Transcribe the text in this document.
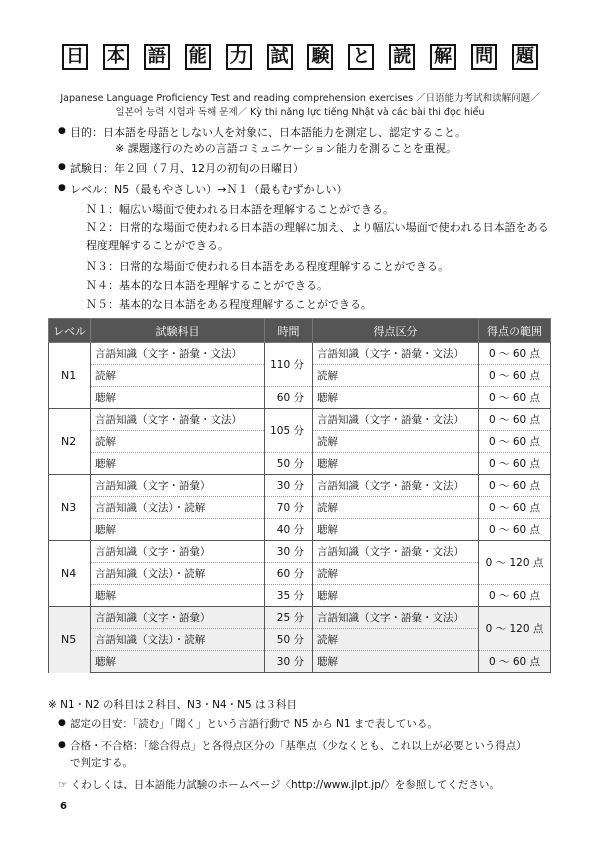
日 本 語 能 力 試 験 と 読 解 問 題
Japanese Language Proficiency Test and reading comprehension exercises ／日语能力考试和读解问题／
일본어 능력 시험과 독해 문제／ Kỳ thi năng lực tiếng Nhật và các bài thi đọc hiểu
● 目的：日本語を母語としない人を対象に、日本語能力を測定し、認定すること。
※ 課題遂行のための言語コミュニケーション能力を測ることを重視。
● 試験日：年２回（７月、12月の初旬の日曜日）
● レベル：N5（最もやさしい）→Ｎ１（最もむずかしい）
Ｎ１：幅広い場面で使われる日本語を理解することができる。
Ｎ２：日常的な場面で使われる日本語の理解に加え、より幅広い場面で使われる日本語をある
程度理解することができる。
Ｎ３：日常的な場面で使われる日本語をある程度理解することができる。
Ｎ４：基本的な日本語を理解することができる。
Ｎ５：基本的な日本語をある程度理解することができる。
レベル	試験科目	時間	得点区分	得点の範囲
N1	言語知識（文字・語彙・文法）	110 分	言語知識（文字・語彙・文法）	0 ～ 60 点
	読解		読解	0 ～ 60 点
	聴解	60 分	聴解	0 ～ 60 点
N2	言語知識（文字・語彙・文法）	105 分	言語知識（文字・語彙・文法）	0 ～ 60 点
	読解		読解	0 ～ 60 点
	聴解	50 分	聴解	0 ～ 60 点
N3	言語知識（文字・語彙）	30 分	言語知識（文字・語彙・文法）	0 ～ 60 点
	言語知識（文法）・読解	70 分	読解	0 ～ 60 点
	聴解	40 分	聴解	0 ～ 60 点
N4	言語知識（文字・語彙）	30 分	言語知識（文字・語彙・文法）	0 ～ 120 点
	言語知識（文法）・読解	60 分	読解	
	聴解	35 分	聴解	0 ～ 60 点
N5	言語知識（文字・語彙）	25 分	言語知識（文字・語彙・文法）	0 ～ 120 点
	言語知識（文法）・読解	50 分	読解	
	聴解	30 分	聴解	0 ～ 60 点
※ N1・N2 の科目は２科目、N3・N4・N5 は３科目
● 認定の目安：「読む」「聞く」という言語行動で N5 から N1 まで表している。
● 合格・不合格：「総合得点」と各得点区分の「基準点（少なくとも、これ以上が必要という得点）
で判定する。
☞ くわしくは、日本語能力試験のホームページ〈http://www.jlpt.jp/〉を参照してください。
6
